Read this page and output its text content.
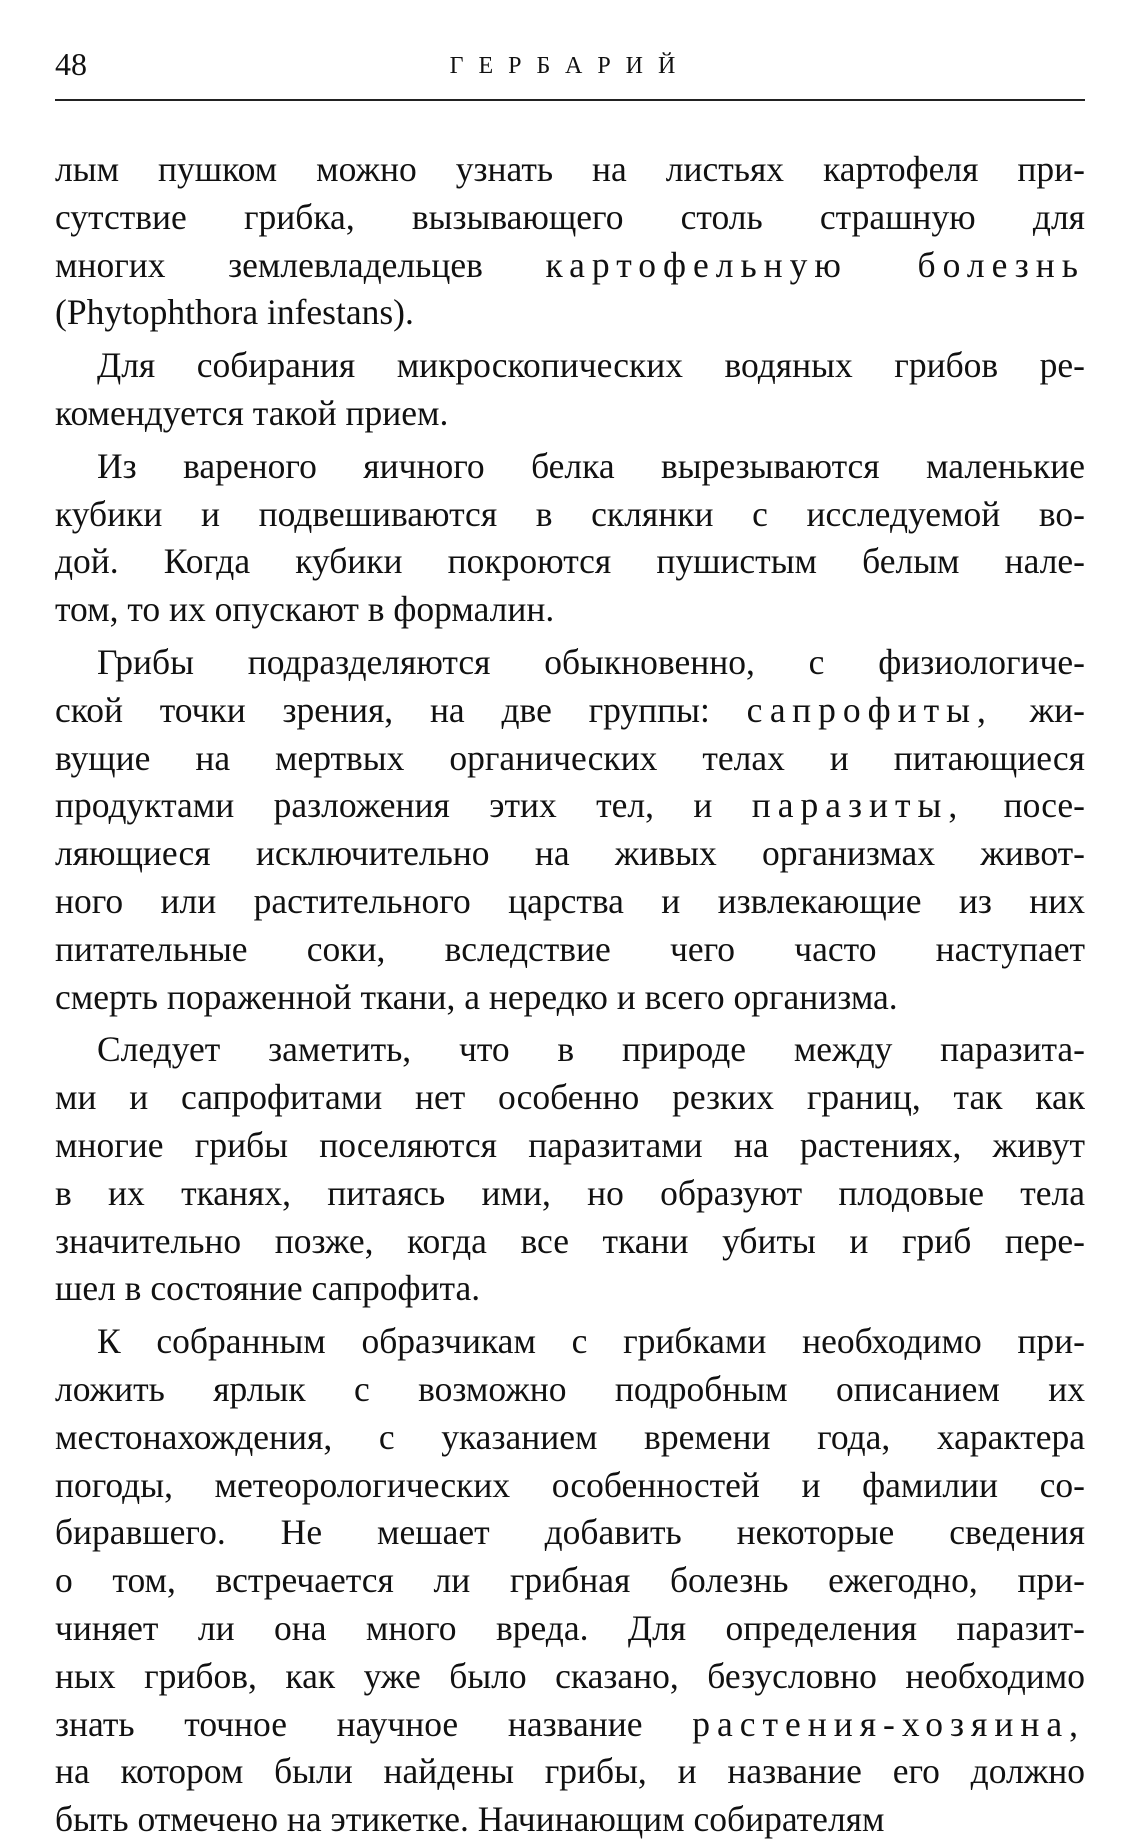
48	ГЕРБАРИЙ
лым пушком можно узнать на листьях картофеля при-
сутствие грибка, вызывающего столь страшную для
многих землевладельцев картофельную болезнь
(Phytophthora infestans).
Для собирания микроскопических водяных грибов ре-
комендуется такой прием.
Из вареного яичного белка вырезываются маленькие
кубики и подвешиваются в склянки с исследуемой во-
дой. Когда кубики покроются пушистым белым нале-
том, то их опускают в формалин.
Грибы подразделяются обыкновенно, с физиологиче-
ской точки зрения, на две группы: сапрофиты, жи-
вущие на мертвых органических телах и питающиеся
продуктами разложения этих тел, и паразиты, посе-
ляющиеся исключительно на живых организмах живот-
ного или растительного царства и извлекающие из них
питательные соки, вследствие чего часто наступает
смерть пораженной ткани, а нередко и всего организма.
Следует заметить, что в природе между паразита-
ми и сапрофитами нет особенно резких границ, так как
многие грибы поселяются паразитами на растениях, живут
в их тканях, питаясь ими, но образуют плодовые тела
значительно позже, когда все ткани убиты и гриб пере-
шел в состояние сапрофита.
К собранным образчикам с грибками необходимо при-
ложить ярлык с возможно подробным описанием их
местонахождения, с указанием времени года, характера
погоды, метеорологических особенностей и фамилии со-
биравшего. Не мешает добавить некоторые сведения
о том, встречается ли грибная болезнь ежегодно, при-
чиняет ли она много вреда. Для определения паразит-
ных грибов, как уже было сказано, безусловно необходимо
знать точное научное название растения-хозяина,
на котором были найдены грибы, и название его должно
быть отмечено на этикетке. Начинающим собирателям
